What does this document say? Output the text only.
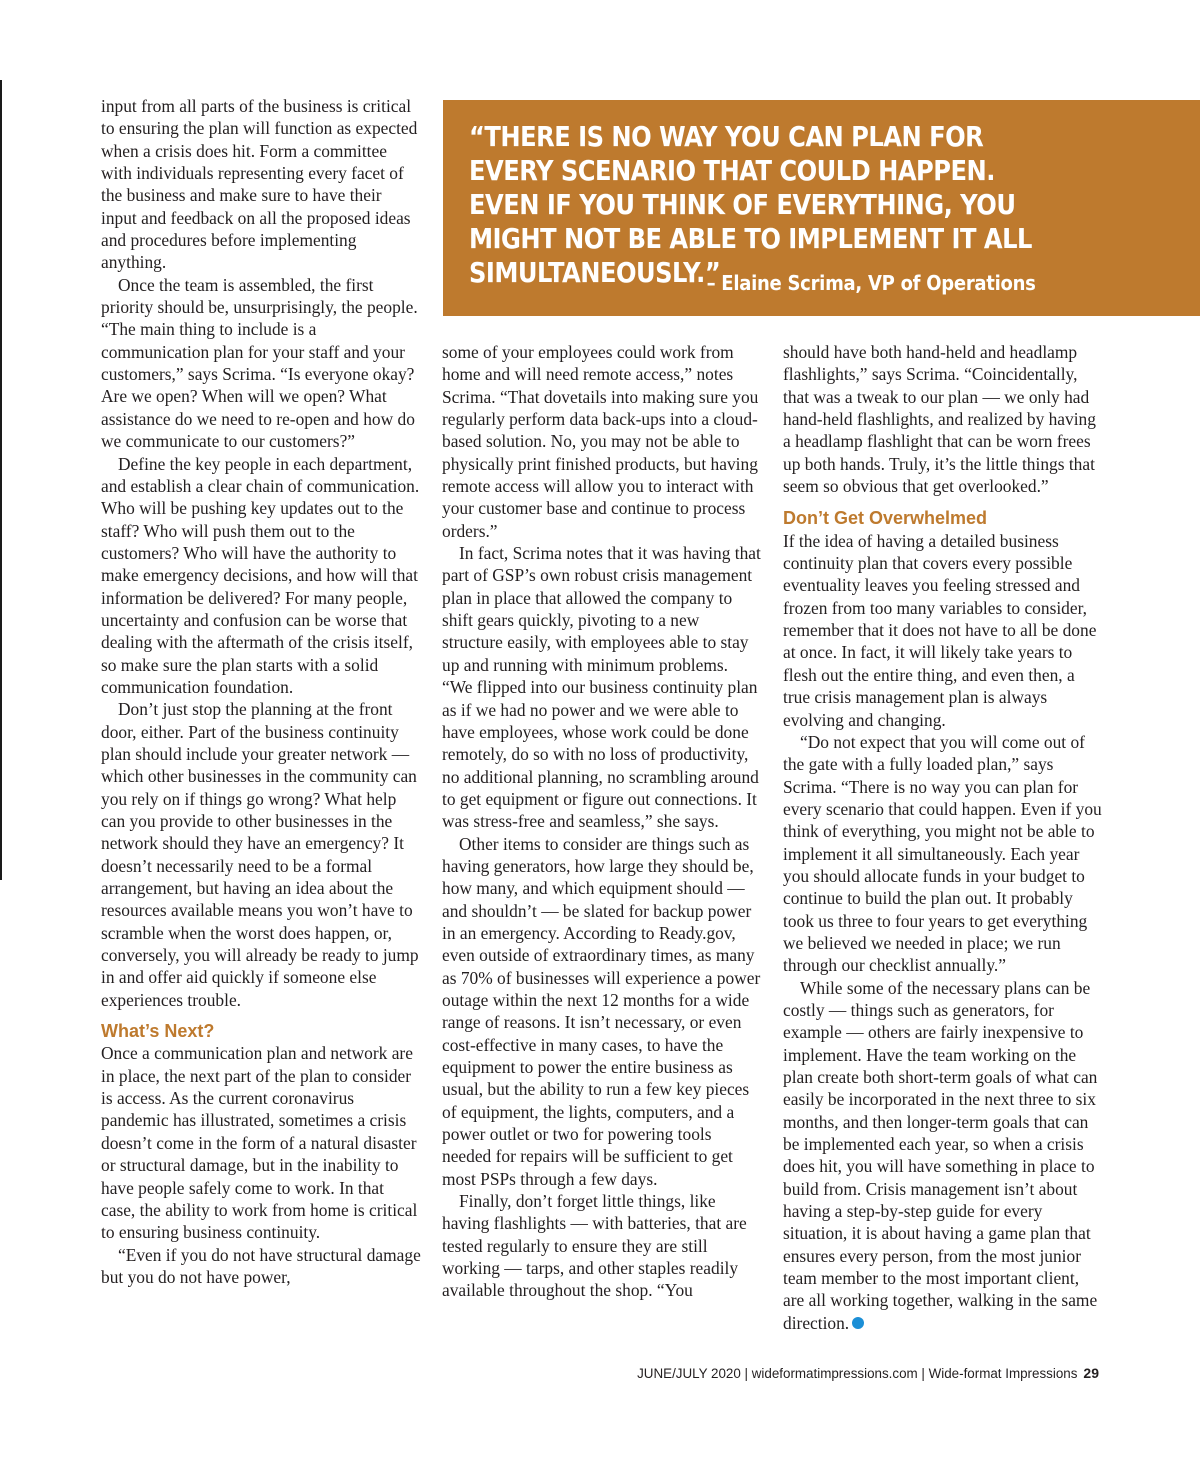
“THERE IS NO WAY YOU CAN PLAN FOR EVERY SCENARIO THAT COULD HAPPEN. EVEN IF YOU THINK OF EVERYTHING, YOU MIGHT NOT BE ABLE TO IMPLEMENT IT ALL SIMULTANEOUSLY.”

– Elaine Scrima, VP of Operations

input from all parts of the business is critical to ensuring the plan will function as expected when a crisis does hit. Form a committee with individuals representing every facet of the business and make sure to have their input and feedback on all the proposed ideas and procedures before implementing anything.

Once the team is assembled, the first priority should be, unsurprisingly, the people. “The main thing to include is a communication plan for your staff and your customers,” says Scrima. “Is everyone okay? Are we open? When will we open? What assistance do we need to re-open and how do we communicate to our customers?”

Define the key people in each department, and establish a clear chain of communication. Who will be pushing key updates out to the staff? Who will push them out to the customers? Who will have the authority to make emergency decisions, and how will that information be delivered? For many people, uncertainty and confusion can be worse that dealing with the aftermath of the crisis itself, so make sure the plan starts with a solid communication foundation.

Don’t just stop the planning at the front door, either. Part of the business continuity plan should include your greater network — which other businesses in the community can you rely on if things go wrong? What help can you provide to other businesses in the network should they have an emergency? It doesn’t necessarily need to be a formal arrangement, but having an idea about the resources available means you won’t have to scramble when the worst does happen, or, conversely, you will already be ready to jump in and offer aid quickly if someone else experiences trouble.

What’s Next?

Once a communication plan and network are in place, the next part of the plan to consider is access. As the current coronavirus pandemic has illustrated, sometimes a crisis doesn’t come in the form of a natural disaster or structural damage, but in the inability to have people safely come to work. In that case, the ability to work from home is critical to ensuring business continuity.

“Even if you do not have structural damage but you do not have power,

some of your employees could work from home and will need remote access,” notes Scrima. “That dovetails into making sure you regularly perform data back-ups into a cloud-based solution. No, you may not be able to physically print finished products, but having remote access will allow you to interact with your customer base and continue to process orders.”

In fact, Scrima notes that it was having that part of GSP’s own robust crisis management plan in place that allowed the company to shift gears quickly, pivoting to a new structure easily, with employees able to stay up and running with minimum problems. “We flipped into our business continuity plan as if we had no power and we were able to have employees, whose work could be done remotely, do so with no loss of productivity, no additional planning, no scrambling around to get equipment or figure out connections. It was stress-free and seamless,” she says.

Other items to consider are things such as having generators, how large they should be, how many, and which equipment should — and shouldn’t — be slated for backup power in an emergency. According to Ready.gov, even outside of extraordinary times, as many as 70% of businesses will experience a power outage within the next 12 months for a wide range of reasons. It isn’t necessary, or even cost-effective in many cases, to have the equipment to power the entire business as usual, but the ability to run a few key pieces of equipment, the lights, computers, and a power outlet or two for powering tools needed for repairs will be sufficient to get most PSPs through a few days.

Finally, don’t forget little things, like having flashlights — with batteries, that are tested regularly to ensure they are still working — tarps, and other staples readily available throughout the shop. “You

should have both hand-held and headlamp flashlights,” says Scrima. “Coincidentally, that was a tweak to our plan — we only had hand-held flashlights, and realized by having a headlamp flashlight that can be worn frees up both hands. Truly, it’s the little things that seem so obvious that get overlooked.”

Don’t Get Overwhelmed

If the idea of having a detailed business continuity plan that covers every possible eventuality leaves you feeling stressed and frozen from too many variables to consider, remember that it does not have to all be done at once. In fact, it will likely take years to flesh out the entire thing, and even then, a true crisis management plan is always evolving and changing.

“Do not expect that you will come out of the gate with a fully loaded plan,” says Scrima. “There is no way you can plan for every scenario that could happen. Even if you think of everything, you might not be able to implement it all simultaneously. Each year you should allocate funds in your budget to continue to build the plan out. It probably took us three to four years to get everything we believed we needed in place; we run through our checklist annually.”

While some of the necessary plans can be costly — things such as generators, for example — others are fairly inexpensive to implement. Have the team working on the plan create both short-term goals of what can easily be incorporated in the next three to six months, and then longer-term goals that can be implemented each year, so when a crisis does hit, you will have something in place to build from. Crisis management isn’t about having a step-by-step guide for every situation, it is about having a game plan that ensures every person, from the most junior team member to the most important client, are all working together, walking in the same direction.

JUNE/JULY 2020 | wideformatimpressions.com | Wide-format Impressions 29
